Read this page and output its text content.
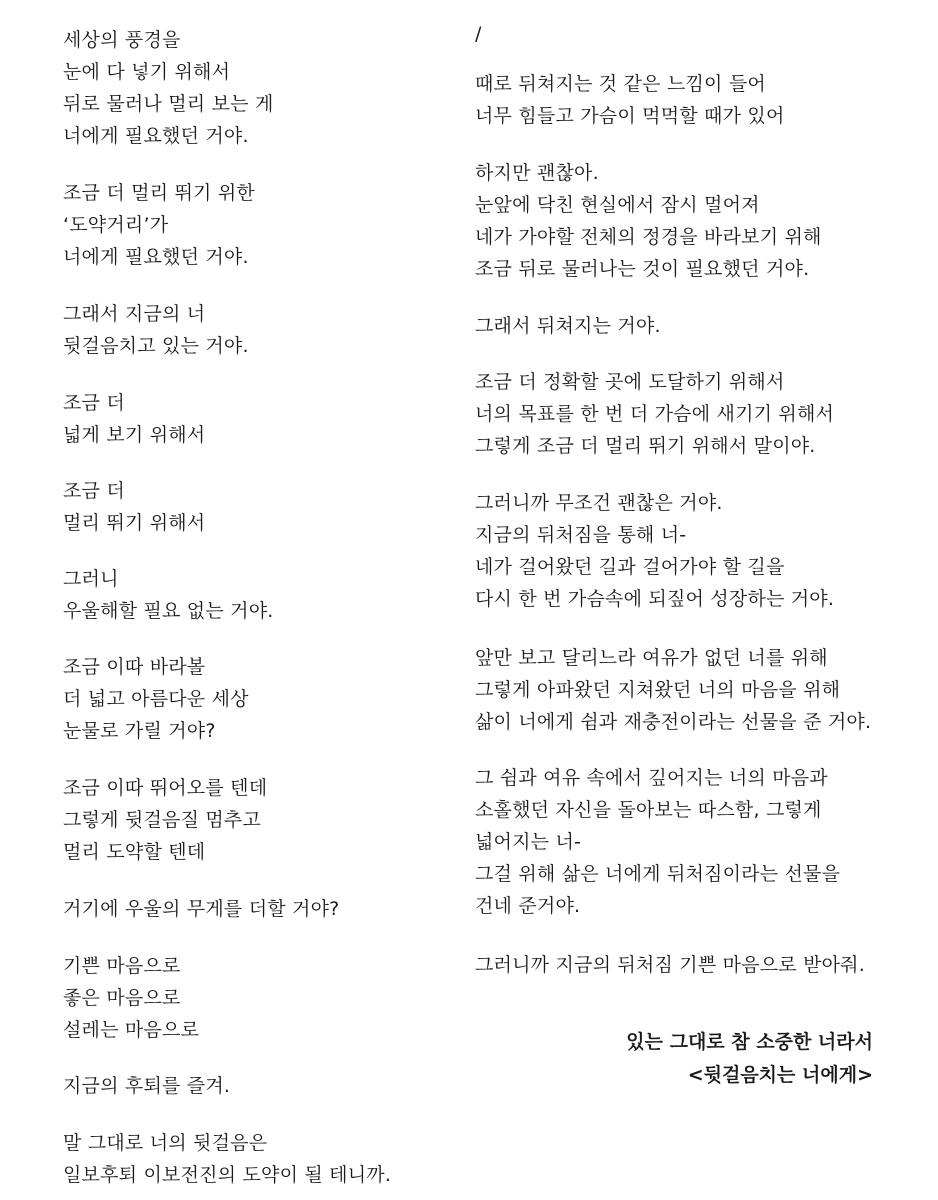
세상의 풍경을
눈에 다 넣기 위해서
뒤로 물러나 멀리 보는 게
너에게 필요했던 거야.
조금 더 멀리 뛰기 위한
‘도약거리’가
너에게 필요했던 거야.
그래서 지금의 너
뒷걸음치고 있는 거야.
조금 더
넓게 보기 위해서
조금 더
멀리 뛰기 위해서
그러니
우울해할 필요 없는 거야.
조금 이따 바라볼
더 넓고 아름다운 세상
눈물로 가릴 거야?
조금 이따 뛰어오를 텐데
그렇게 뒷걸음질 멈추고
멀리 도약할 텐데
거기에 우울의 무게를 더할 거야?
기쁜 마음으로
좋은 마음으로
설레는 마음으로
지금의 후퇴를 즐겨.
말 그대로 너의 뒷걸음은
일보후퇴 이보전진의 도약이 될 테니까.
/
때로 뒤쳐지는 것 같은 느낌이 들어
너무 힘들고 가슴이 먹먹할 때가 있어
하지만 괜찮아.
눈앞에 닥친 현실에서 잠시 멀어져
네가 가야할 전체의 정경을 바라보기 위해
조금 뒤로 물러나는 것이 필요했던 거야.
그래서 뒤쳐지는 거야.
조금 더 정확할 곳에 도달하기 위해서
너의 목표를 한 번 더 가슴에 새기기 위해서
그렇게 조금 더 멀리 뛰기 위해서 말이야.
그러니까 무조건 괜찮은 거야.
지금의 뒤처짐을 통해 너-
네가 걸어왔던 길과 걸어가야 할 길을
다시 한 번 가슴속에 되짚어 성장하는 거야.
앞만 보고 달리느라 여유가 없던 너를 위해
그렇게 아파왔던 지쳐왔던 너의 마음을 위해
삶이 너에게 쉼과 재충전이라는 선물을 준 거야.
그 쉼과 여유 속에서 깊어지는 너의 마음과
소홀했던 자신을 돌아보는 따스함, 그렇게
넓어지는 너-
그걸 위해 삶은 너에게 뒤처짐이라는 선물을
건네 준거야.
그러니까 지금의 뒤처짐 기쁜 마음으로 받아줘.
있는 그대로 참 소중한 너라서
<뒷걸음치는 너에게>
